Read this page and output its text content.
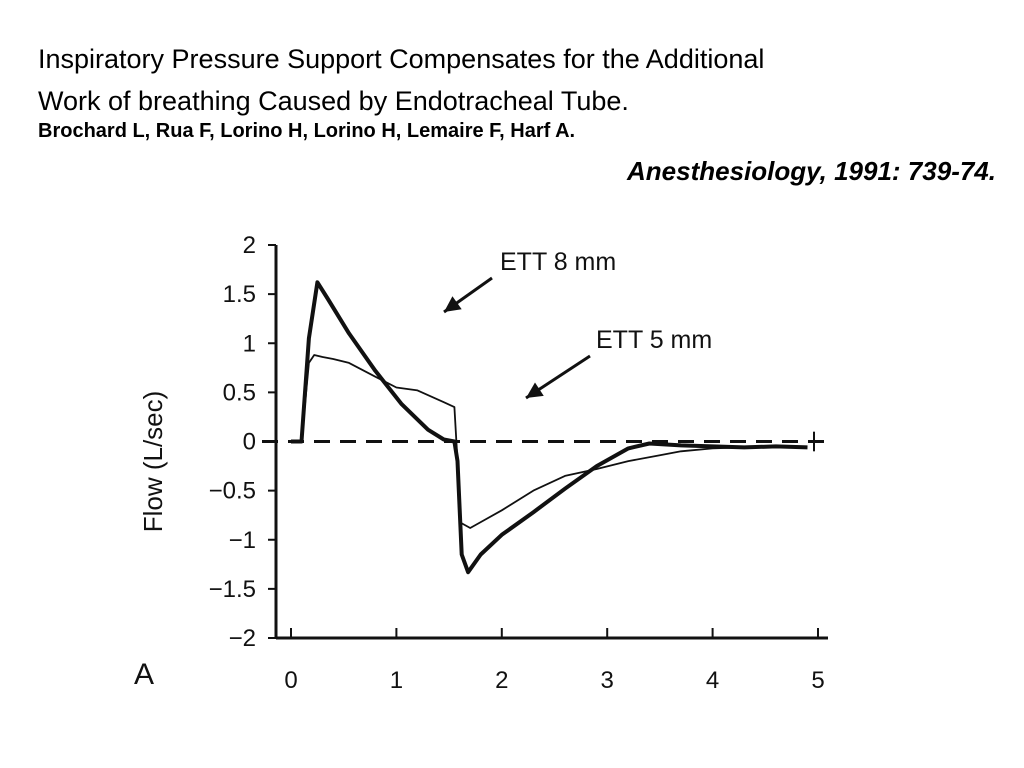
Inspiratory Pressure Support Compensates for the Additional
Work of breathing Caused by Endotracheal Tube.
Brochard L, Rua F, Lorino H, Lorino H, Lemaire F, Harf A.
Anesthesiology, 1991: 739-74.
Flow (L/sec)
A
2
1.5
1
0.5
0
−0.5
−1
−1.5
−2
0	1	2	3	4	5
ETT 8 mm
ETT 5 mm
